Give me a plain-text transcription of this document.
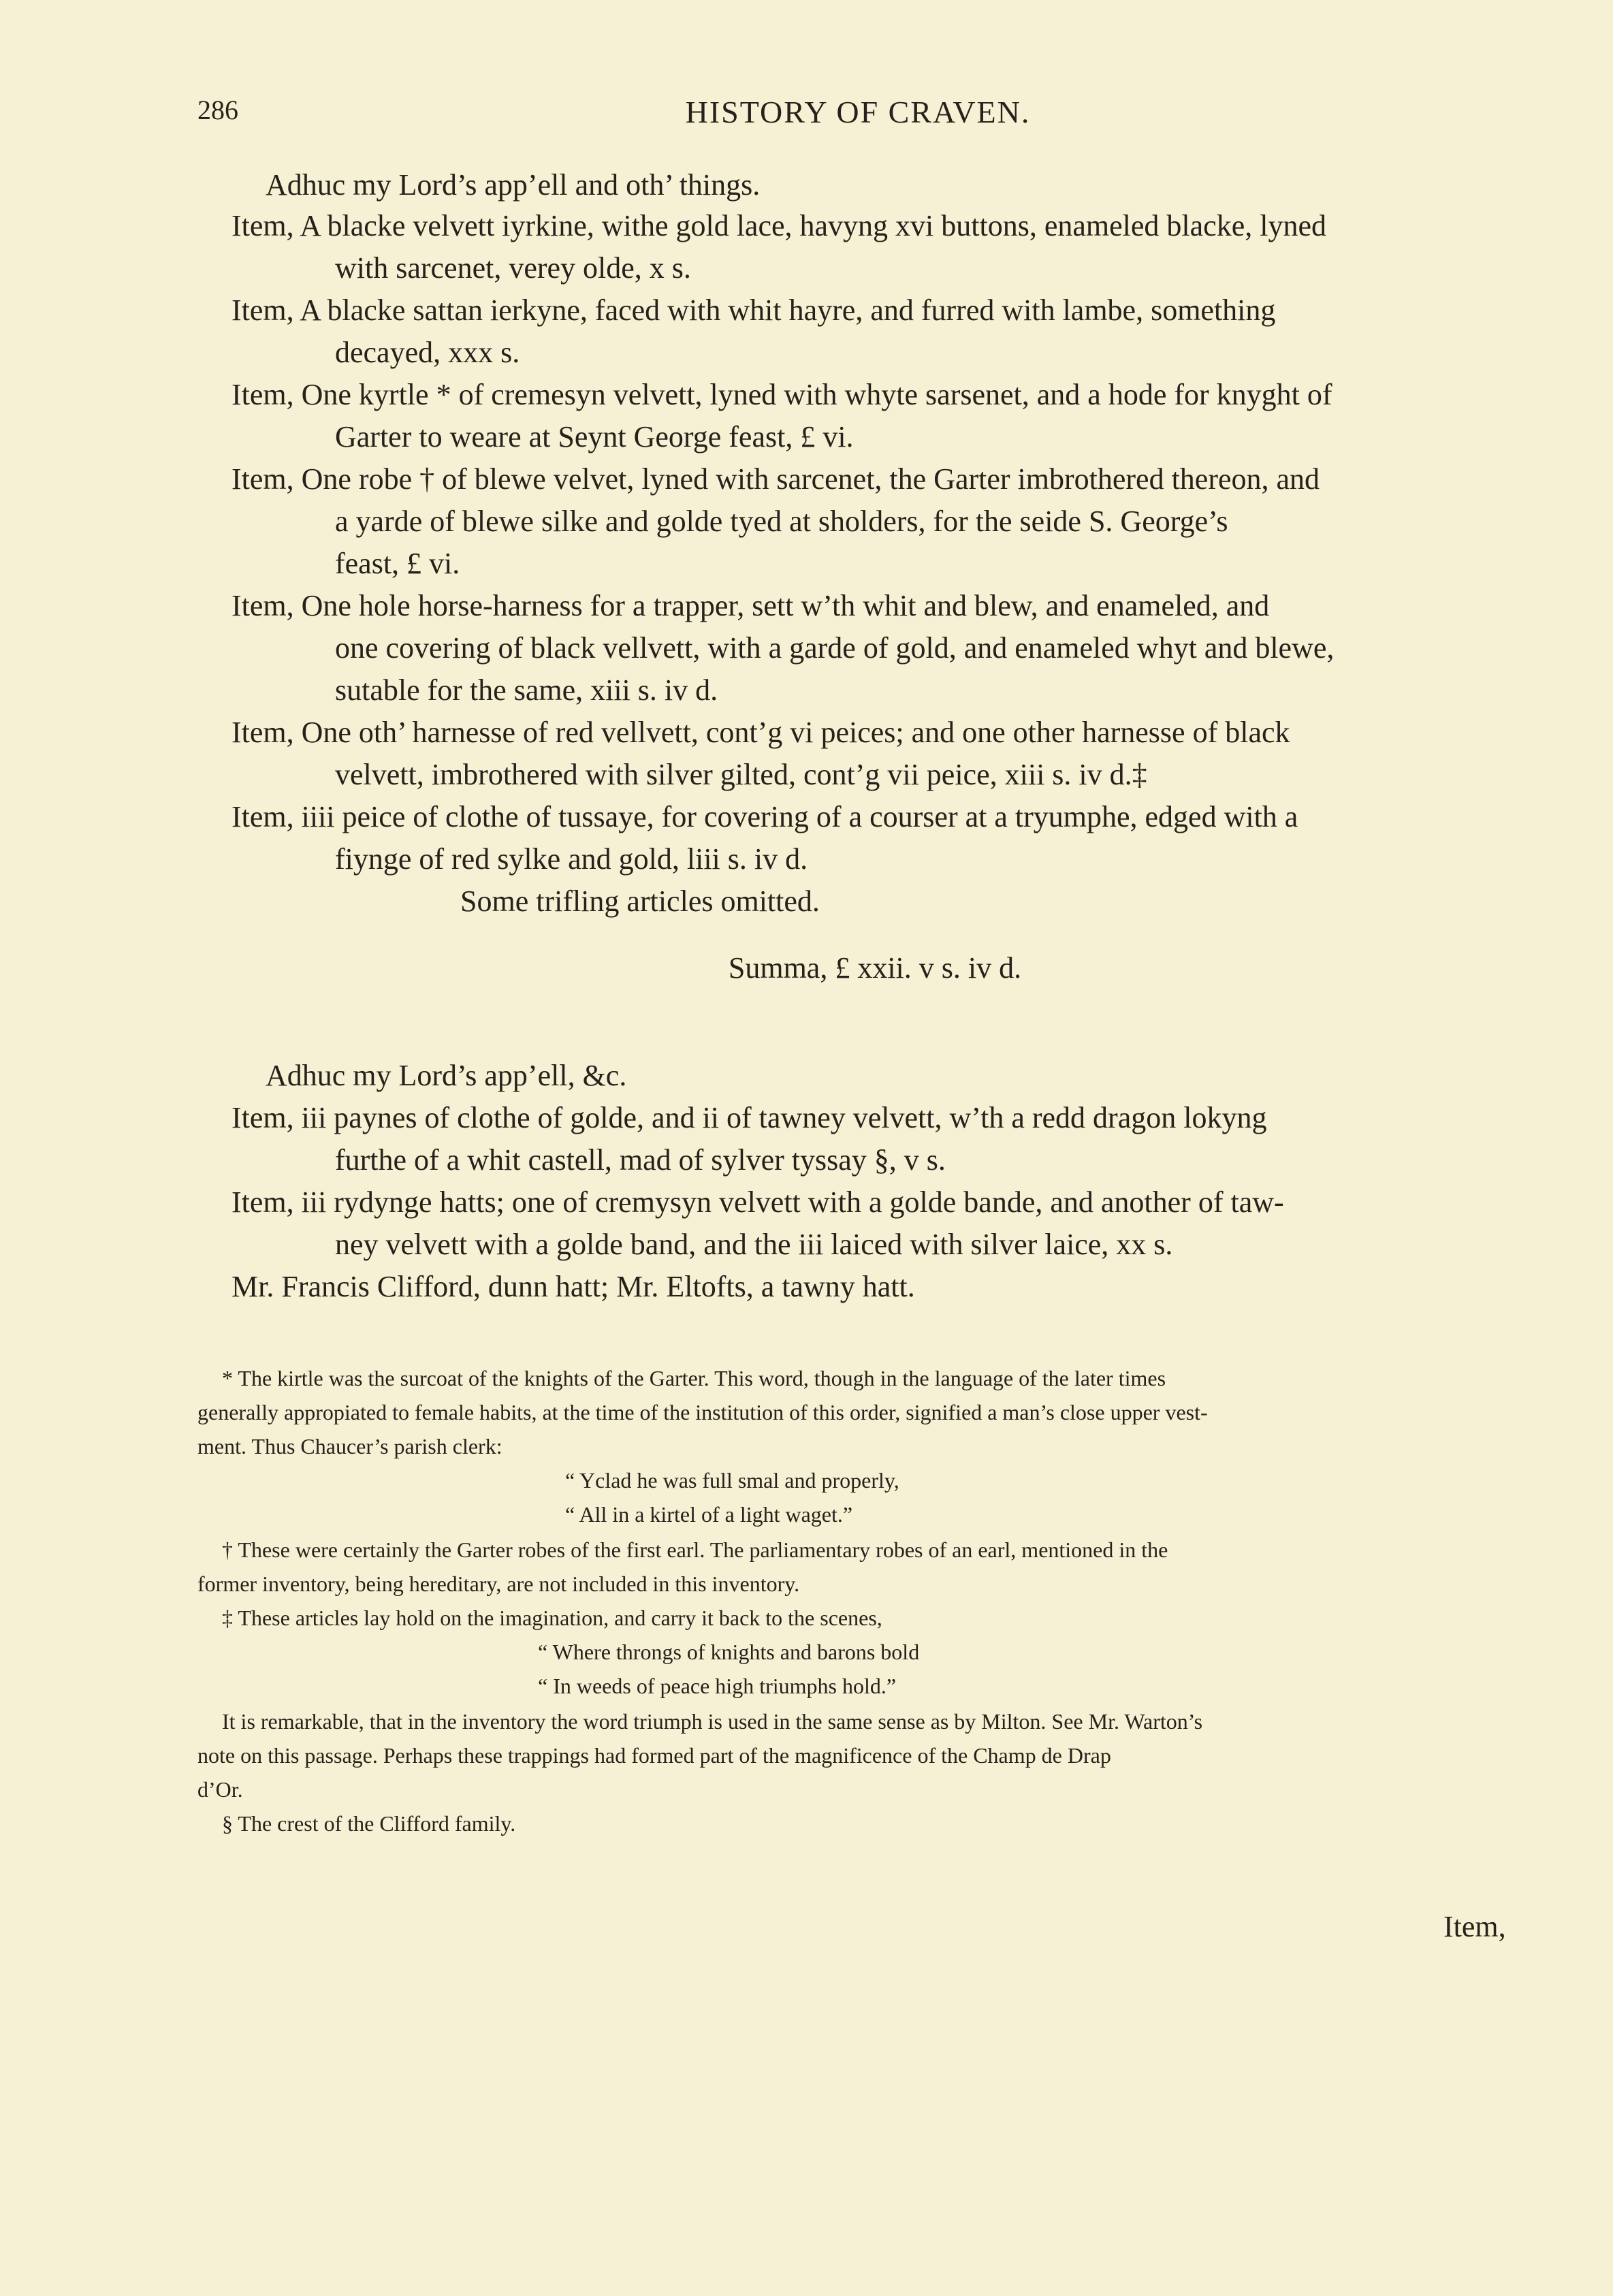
286	HISTORY OF CRAVEN.
Adhuc my Lord’s app’ell and oth’ things.
Item, A blacke velvett iyrkine, withe gold lace, havyng xvi buttons, enameled blacke, lyned
with sarcenet, verey olde, x s.
Item, A blacke sattan ierkyne, faced with whit hayre, and furred with lambe, something
decayed, xxx s.
Item, One kyrtle * of cremesyn velvett, lyned with whyte sarsenet, and a hode for knyght of
Garter to weare at Seynt George feast, £ vi.
Item, One robe † of blewe velvet, lyned with sarcenet, the Garter imbrothered thereon, and
a yarde of blewe silke and golde tyed at sholders, for the seide S. George’s
feast, £ vi.
Item, One hole horse-harness for a trapper, sett w’th whit and blew, and enameled, and
one covering of black vellvett, with a garde of gold, and enameled whyt and blewe,
sutable for the same, xiii s. iv d.
Item, One oth’ harnesse of red vellvett, cont’g vi peices; and one other harnesse of black
velvett, imbrothered with silver gilted, cont’g vii peice, xiii s. iv d.‡
Item, iiii peice of clothe of tussaye, for covering of a courser at a tryumphe, edged with a
fiynge of red sylke and gold, liii s. iv d.
Some trifling articles omitted.
Summa, £ xxii. v s. iv d.
Adhuc my Lord’s app’ell, &c.
Item, iii paynes of clothe of golde, and ii of tawney velvett, w’th a redd dragon lokyng
furthe of a whit castell, mad of sylver tyssay §, v s.
Item, iii rydynge hatts; one of cremysyn velvett with a golde bande, and another of taw-
ney velvett with a golde band, and the iii laiced with silver laice, xx s.
Mr. Francis Clifford, dunn hatt; Mr. Eltofts, a tawny hatt.
* The kirtle was the surcoat of the knights of the Garter. This word, though in the language of the later times
generally appropiated to female habits, at the time of the institution of this order, signified a man’s close upper vest-
ment. Thus Chaucer’s parish clerk:
“ Yclad he was full smal and properly,
“ All in a kirtel of a light waget.”
† These were certainly the Garter robes of the first earl. The parliamentary robes of an earl, mentioned in the
former inventory, being hereditary, are not included in this inventory.
‡ These articles lay hold on the imagination, and carry it back to the scenes,
“ Where throngs of knights and barons bold
“ In weeds of peace high triumphs hold.”
It is remarkable, that in the inventory the word triumph is used in the same sense as by Milton. See Mr. Warton’s
note on this passage. Perhaps these trappings had formed part of the magnificence of the Champ de Drap
d’Or.
§ The crest of the Clifford family.
Item,
